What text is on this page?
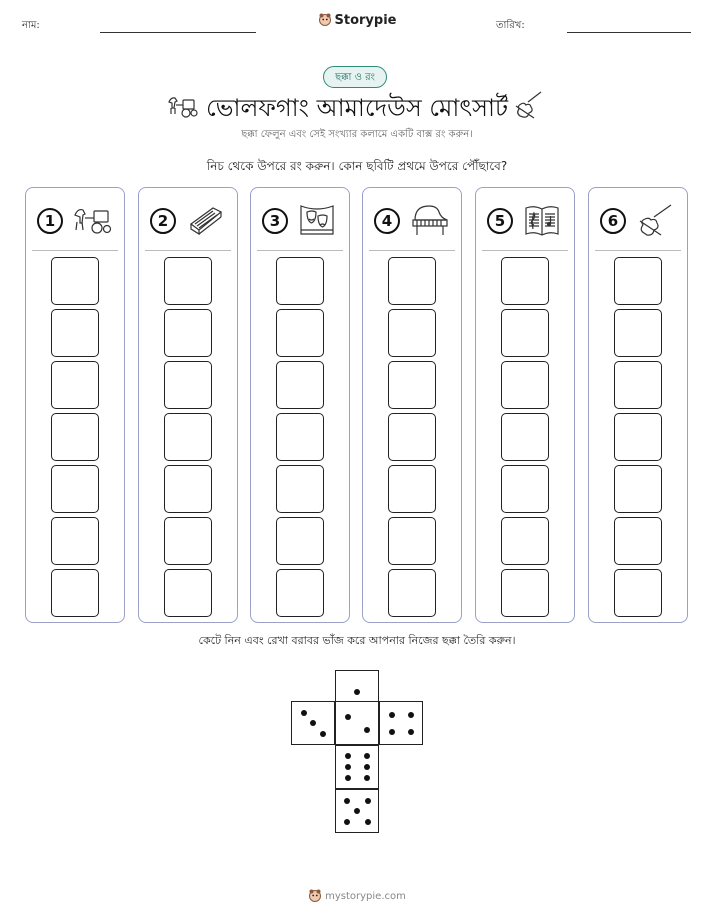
নাম:	Storypie	তারিখ:
ছক্কা ও রং
ভোলফগাং আমাদেউস মোৎসার্ট
ছক্কা ফেলুন এবং সেই সংখ্যার কলামে একটি বাক্স রং করুন।
নিচ থেকে উপরে রং করুন। কোন ছবিটি প্রথমে উপরে পৌঁছাবে?
1	2	3	4	5	6
কেটে নিন এবং রেখা বরাবর ভাঁজ করে আপনার নিজের ছক্কা তৈরি করুন।
mystorypie.com
